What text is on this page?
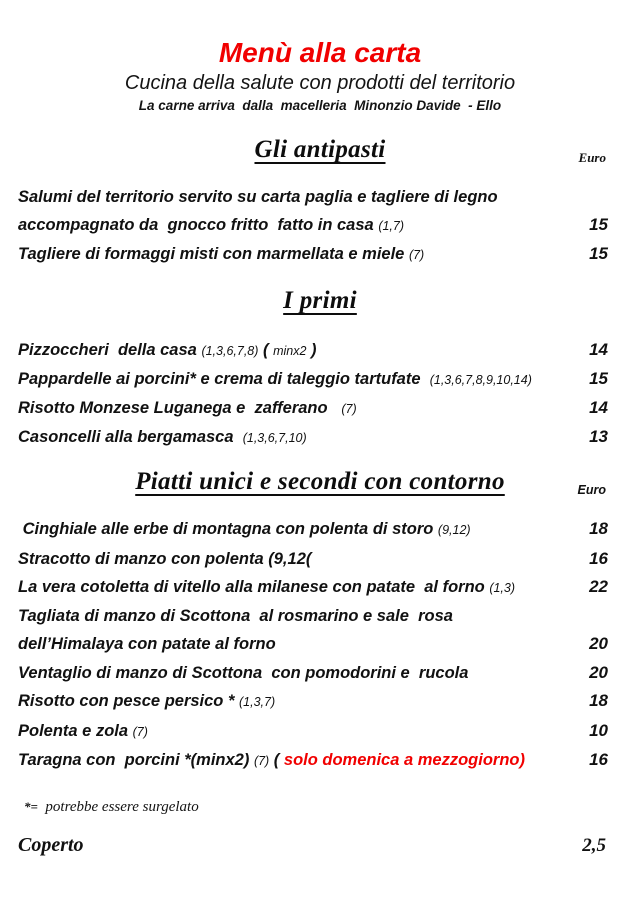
Menù alla carta
Cucina della salute con prodotti del territorio
La carne arriva  dalla  macelleria  Minonzio Davide  - Ello
Gli antipasti	Euro
Salumi del territorio servito su carta paglia e tagliere di legno
accompagnato da  gnocco fritto  fatto in casa (1,7)	15
Tagliere di formaggi misti con marmellata e miele (7)	15
I primi
Pizzoccheri  della casa (1,3,6,7,8) ( minx2 )	14
Pappardelle ai porcini* e crema di taleggio tartufate  (1,3,6,7,8,9,10,14)	15
Risotto Monzese Luganega e  zafferano   (7)	14
Casoncelli alla bergamasca  (1,3,6,7,10)	13
Piatti unici e secondi con contorno	Euro
Cinghiale alle erbe di montagna con polenta di storo (9,12)	18
Stracotto di manzo con polenta (9,12(	16
La vera cotoletta di vitello alla milanese con patate  al forno (1,3)	22
Tagliata di manzo di Scottona  al rosmarino e sale  rosa
dell’Himalaya con patate al forno	20
Ventaglio di manzo di Scottona  con pomodorini e  rucola	20
Risotto con pesce persico * (1,3,7)	18
Polenta e zola (7)	10
Taragna con  porcini *(minx2) (7) ( solo domenica a mezzogiorno)	16
*=  potrebbe essere surgelato
Coperto	2,5
